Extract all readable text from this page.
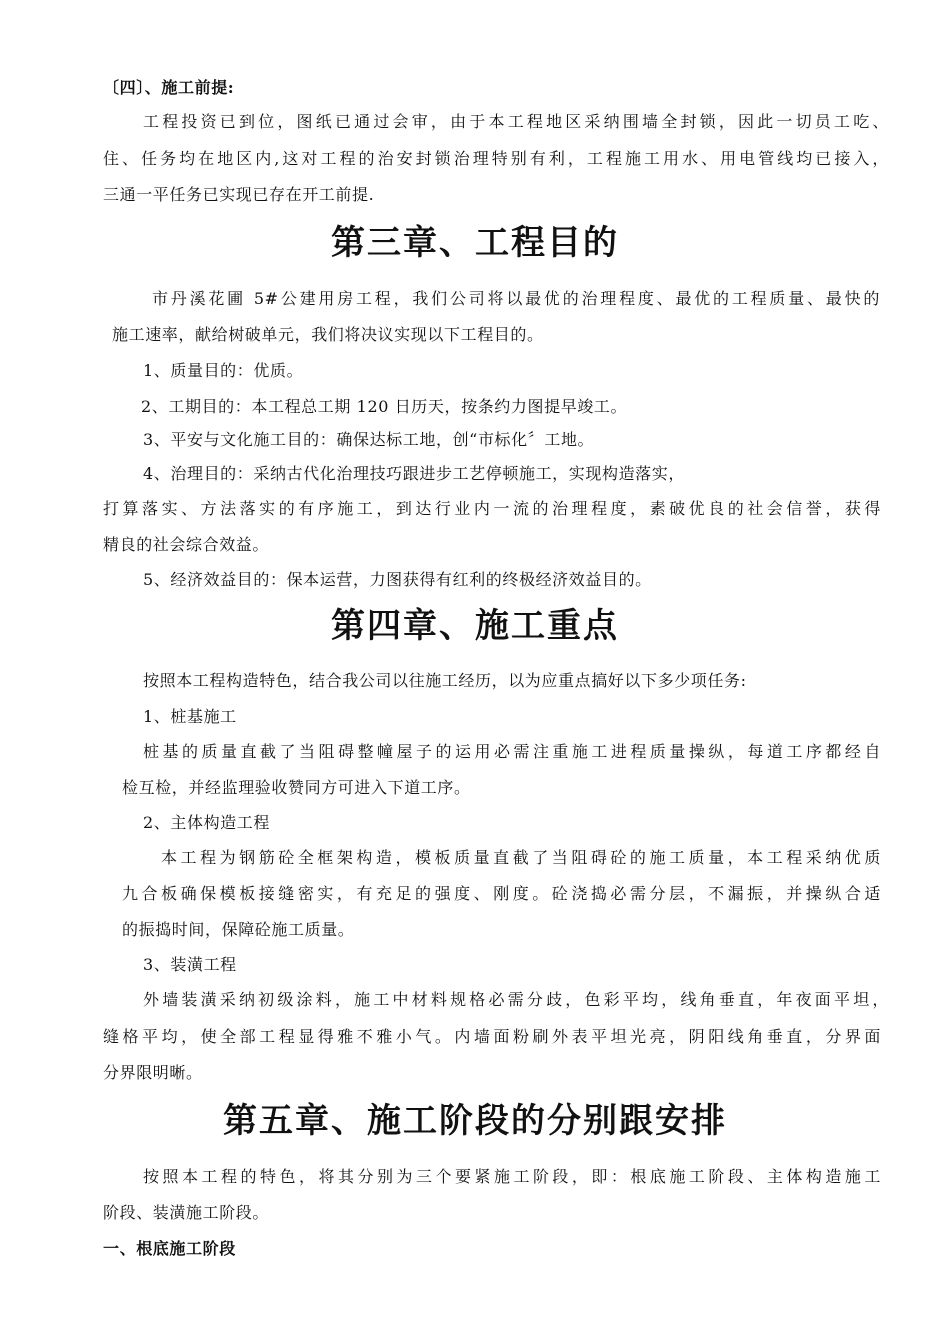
〔四〕、施工前提:
工程投资已到位，图纸已通过会审，由于本工程地区采纳围墙全封锁，因此一切员工吃、
住、任务均在地区内,这对工程的治安封锁治理特别有利，工程施工用水、用电管线均已接入，
三通一平任务已实现已存在开工前提.
第三章、工程目的
市丹溪花圃 5#公建用房工程，我们公司将以最优的治理程度、最优的工程质量、最快的
施工速率，献给树破单元，我们将决议实现以下工程目的。
1、质量目的：优质。
2、工期目的：本工程总工期 120 日历天，按条约力图提早竣工。
3、平安与文化施工目的：确保达标工地，创“市标化〞工地。
4、治理目的：采纳古代化治理技巧跟进步工艺停顿施工，实现构造落实，
打算落实、方法落实的有序施工，到达行业内一流的治理程度，素破优良的社会信誉，获得
精良的社会综合效益。
5、经济效益目的：保本运营，力图获得有红利的终极经济效益目的。
第四章、施工重点
按照本工程构造特色，结合我公司以往施工经历，以为应重点搞好以下多少项任务:
1、桩基施工
桩基的质量直截了当阻碍整幢屋子的运用必需注重施工进程质量操纵，每道工序都经自
检互检，并经监理验收赞同方可进入下道工序。
2、主体构造工程
本工程为钢筋砼全框架构造，模板质量直截了当阻碍砼的施工质量，本工程采纳优质
九合板确保模板接缝密实，有充足的强度、刚度。砼浇捣必需分层，不漏振，并操纵合适
的振捣时间，保障砼施工质量。
3、装潢工程
外墙装潢采纳初级涂料，施工中材料规格必需分歧，色彩平均，线角垂直，年夜面平坦，
缝格平均，使全部工程显得雅不雅小气。内墙面粉刷外表平坦光亮，阴阳线角垂直，分界面
分界限明晰。
第五章、施工阶段的分别跟安排
按照本工程的特色，将其分别为三个要紧施工阶段，即：根底施工阶段、主体构造施工
阶段、装潢施工阶段。
一、根底施工阶段
